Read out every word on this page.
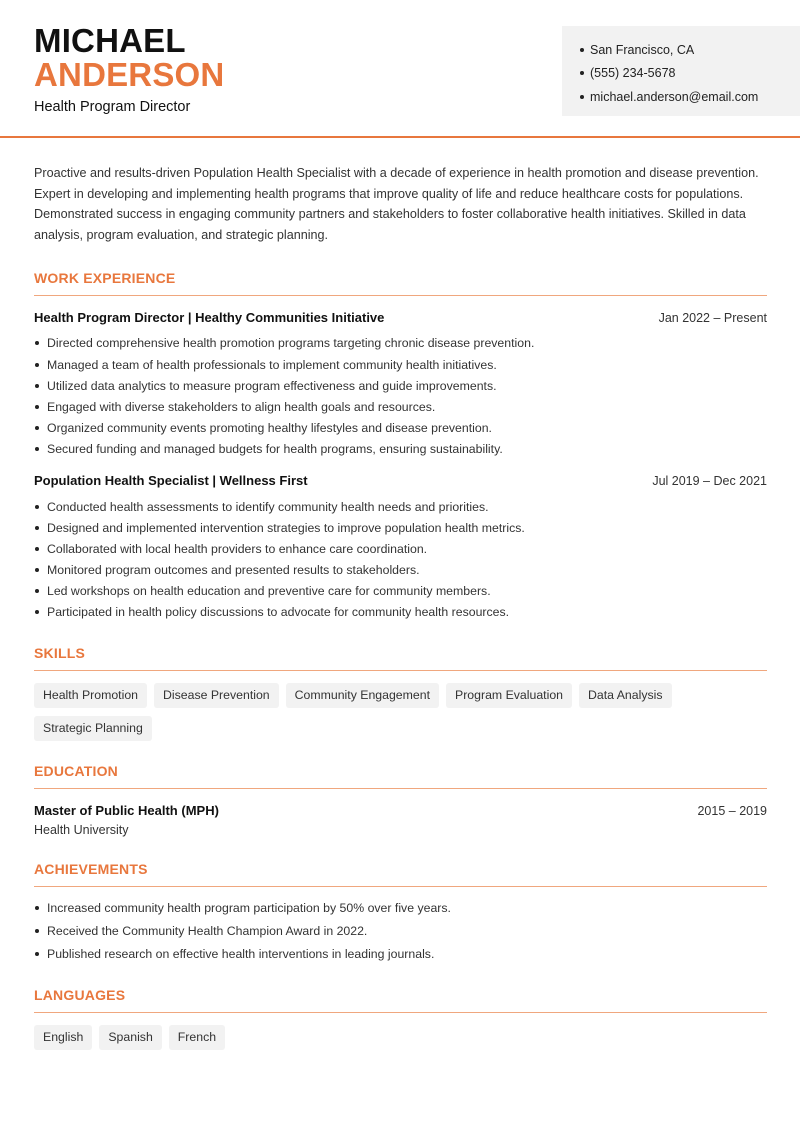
MICHAEL
ANDERSON
Health Program Director
San Francisco, CA
(555) 234-5678
michael.anderson@email.com

Proactive and results-driven Population Health Specialist with a decade of experience in health promotion and disease prevention. Expert in developing and implementing health programs that improve quality of life and reduce healthcare costs for populations. Demonstrated success in engaging community partners and stakeholders to foster collaborative health initiatives. Skilled in data analysis, program evaluation, and strategic planning.

WORK EXPERIENCE
Health Program Director | Healthy Communities Initiative	Jan 2022 – Present
Directed comprehensive health promotion programs targeting chronic disease prevention.
Managed a team of health professionals to implement community health initiatives.
Utilized data analytics to measure program effectiveness and guide improvements.
Engaged with diverse stakeholders to align health goals and resources.
Organized community events promoting healthy lifestyles and disease prevention.
Secured funding and managed budgets for health programs, ensuring sustainability.
Population Health Specialist | Wellness First	Jul 2019 – Dec 2021
Conducted health assessments to identify community health needs and priorities.
Designed and implemented intervention strategies to improve population health metrics.
Collaborated with local health providers to enhance care coordination.
Monitored program outcomes and presented results to stakeholders.
Led workshops on health education and preventive care for community members.
Participated in health policy discussions to advocate for community health resources.
SKILLS
Health Promotion	Disease Prevention	Community Engagement	Program Evaluation	Data Analysis
Strategic Planning
EDUCATION
Master of Public Health (MPH)	2015 – 2019
Health University
ACHIEVEMENTS
Increased community health program participation by 50% over five years.
Received the Community Health Champion Award in 2022.
Published research on effective health interventions in leading journals.
LANGUAGES
English	Spanish	French
